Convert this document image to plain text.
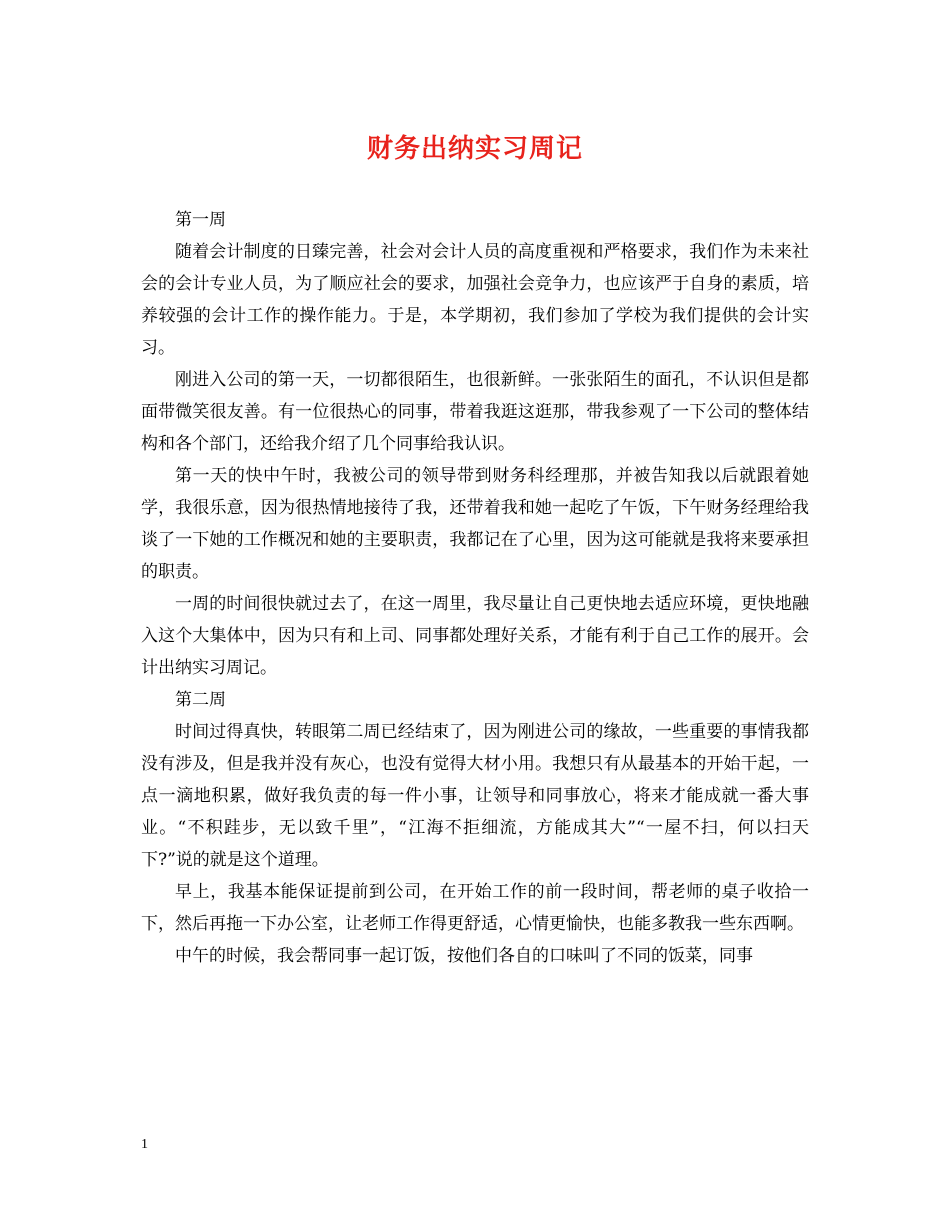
财务出纳实习周记

第一周

随着会计制度的日臻完善，社会对会计人员的高度重视和严格要求，我们作为未来社会的会计专业人员，为了顺应社会的要求，加强社会竞争力，也应该严于自身的素质，培养较强的会计工作的操作能力。于是，本学期初，我们参加了学校为我们提供的会计实习。

刚进入公司的第一天，一切都很陌生，也很新鲜。一张张陌生的面孔，不认识但是都面带微笑很友善。有一位很热心的同事，带着我逛这逛那，带我参观了一下公司的整体结构和各个部门，还给我介绍了几个同事给我认识。

第一天的快中午时，我被公司的领导带到财务科经理那，并被告知我以后就跟着她学，我很乐意，因为很热情地接待了我，还带着我和她一起吃了午饭，下午财务经理给我谈了一下她的工作概况和她的主要职责，我都记在了心里，因为这可能就是我将来要承担的职责。

一周的时间很快就过去了，在这一周里，我尽量让自己更快地去适应环境，更快地融入这个大集体中，因为只有和上司、同事都处理好关系，才能有利于自己工作的展开。会计出纳实习周记。

第二周

时间过得真快，转眼第二周已经结束了，因为刚进公司的缘故，一些重要的事情我都没有涉及，但是我并没有灰心，也没有觉得大材小用。我想只有从最基本的开始干起，一点一滴地积累，做好我负责的每一件小事，让领导和同事放心，将来才能成就一番大事业。“不积跬步，无以致千里”，“江海不拒细流，方能成其大”“一屋不扫，何以扫天下?”说的就是这个道理。

早上，我基本能保证提前到公司，在开始工作的前一段时间，帮老师的桌子收拾一下，然后再拖一下办公室，让老师工作得更舒适，心情更愉快，也能多教我一些东西啊。

中午的时候，我会帮同事一起订饭，按他们各自的口味叫了不同的饭菜，同事

1
